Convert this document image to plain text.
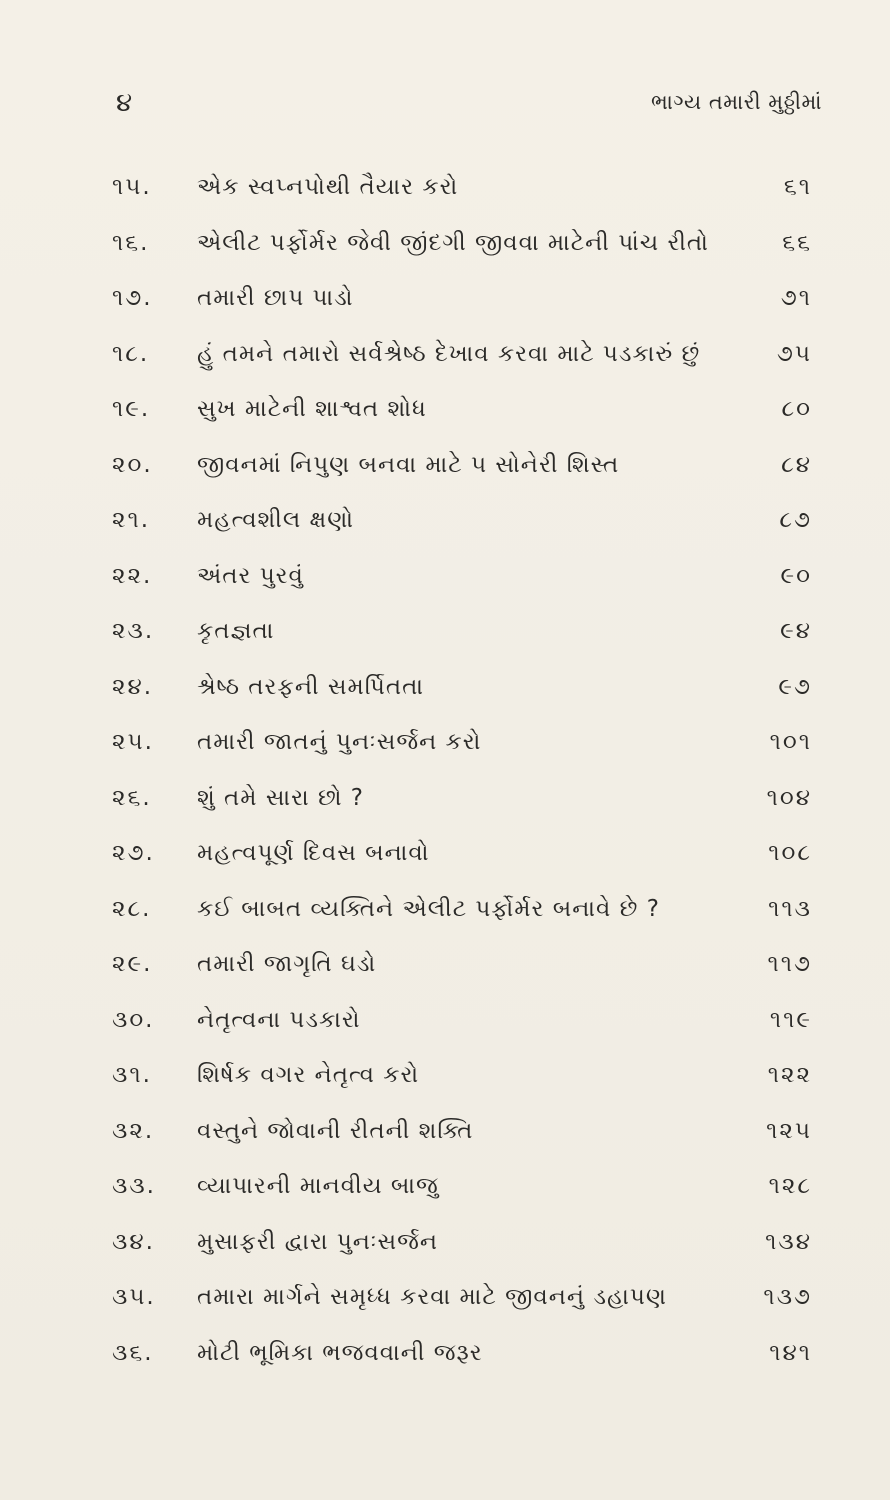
૪	ભાગ્ય તમારી મુઠ્ઠીમાં
૧૫. એક સ્વપ્નપોથી તૈયાર કરો	૬૧
૧૬. એલીટ પર્ફોર્મર જેવી જીંદગી જીવવા માટેની પાંચ રીતો	૬૬
૧૭. તમારી છાપ પાડો	૭૧
૧૮. હું તમને તમારો સર્વશ્રેષ્ઠ દેખાવ કરવા માટે પડકારું છું	૭૫
૧૯. સુખ માટેની શાશ્વત શોધ	૮૦
૨૦. જીવનમાં નિપુણ બનવા માટે ૫ સોનેરી શિસ્ત	૮૪
૨૧. મહત્વશીલ ક્ષણો	૮૭
૨૨. અંતર પુરવું	૯૦
૨૩. કૃતજ્ઞતા	૯૪
૨૪. શ્રેષ્ઠ તરફની સમર્પિતતા	૯૭
૨૫. તમારી જાતનું પુનઃસર્જન કરો	૧૦૧
૨૬. શું તમે સારા છો ?	૧૦૪
૨૭. મહત્વપૂર્ણ દિવસ બનાવો	૧૦૮
૨૮. કઈ બાબત વ્યક્તિને એલીટ પર્ફોર્મર બનાવે છે ?	૧૧૩
૨૯. તમારી જાગૃતિ ઘડો	૧૧૭
૩૦. નેતૃત્વના પડકારો	૧૧૯
૩૧. શિર્ષક વગર નેતૃત્વ કરો	૧૨૨
૩૨. વસ્તુને જોવાની રીતની શક્તિ	૧૨૫
૩૩. વ્યાપારની માનવીય બાજુ	૧૨૮
૩૪. મુસાફરી દ્વારા પુનઃસર્જન	૧૩૪
૩૫. તમારા માર્ગને સમૃધ્ધ કરવા માટે જીવનનું ડહાપણ	૧૩૭
૩૬. મોટી ભૂમિકા ભજવવાની જરૂર	૧૪૧
